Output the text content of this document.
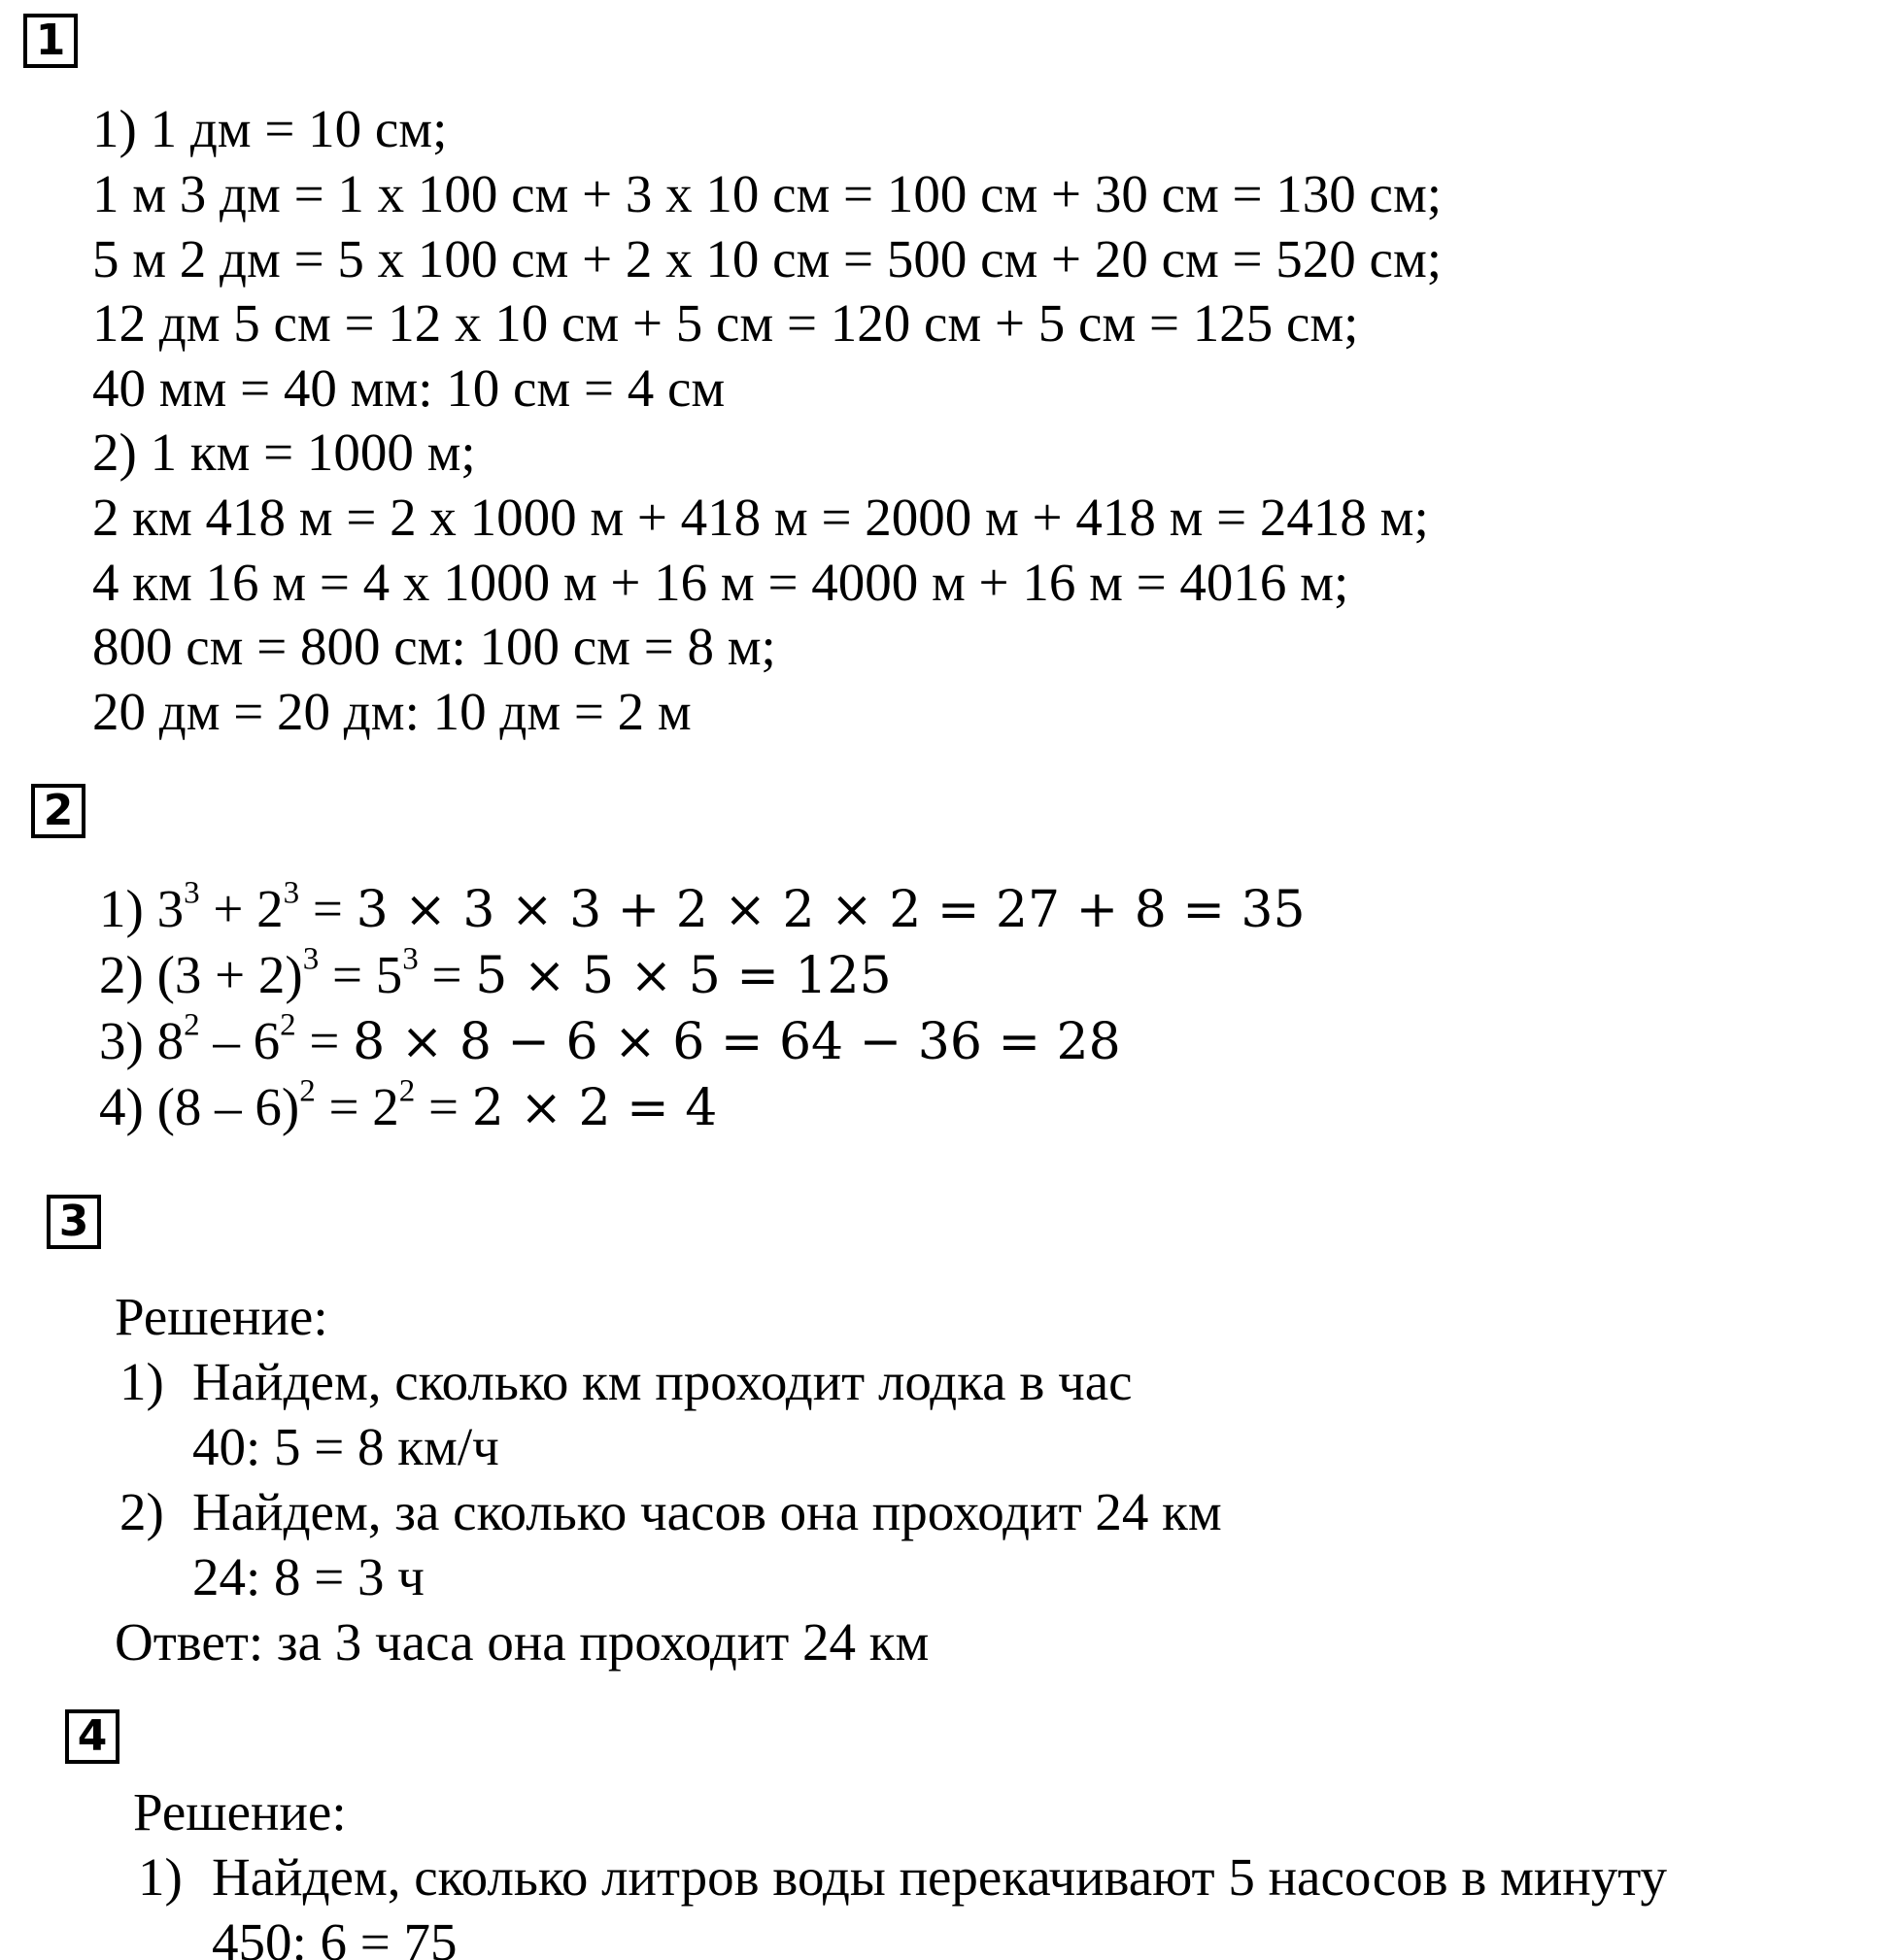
1
1) 1 дм = 10 см;
1 м 3 дм = 1 х 100 см + 3 х 10 см = 100 см + 30 см = 130 см;
5 м 2 дм = 5 х 100 см + 2 х 10 см = 500 см + 20 см = 520 см;
12 дм 5 см = 12 х 10 см + 5 см = 120 см + 5 см = 125 см;
40 мм = 40 мм: 10 см = 4 см
2) 1 км = 1000 м;
2 км 418 м = 2 х 1000 м + 418 м = 2000 м + 418 м = 2418 м;
4 км 16 м = 4 х 1000 м + 16 м = 4000 м + 16 м = 4016 м;
800 см = 800 см: 100 см = 8 м;
20 дм = 20 дм: 10 дм = 2 м
2
1) $3^3 + 2^3 = 3 \times 3 \times 3 + 2 \times 2 \times 2 = 27 + 8 = 35$
2) $(3 + 2)^3 = 5^3 = 5 \times 5 \times 5 = 125$
3) $8^2 - 6^2 = 8 \times 8 - 6 \times 6 = 64 - 36 = 28$
4) $(8 - 6)^2 = 2^2 = 2 \times 2 = 4$
3
Решение:
1) Найдем, сколько км проходит лодка в час
40: 5 = 8 км/ч
2) Найдем, за сколько часов она проходит 24 км
24: 8 = 3 ч
Ответ: за 3 часа она проходит 24 км
4
Решение:
1) Найдем, сколько литров воды перекачивают 5 насосов в минуту
450: 6 = 75
